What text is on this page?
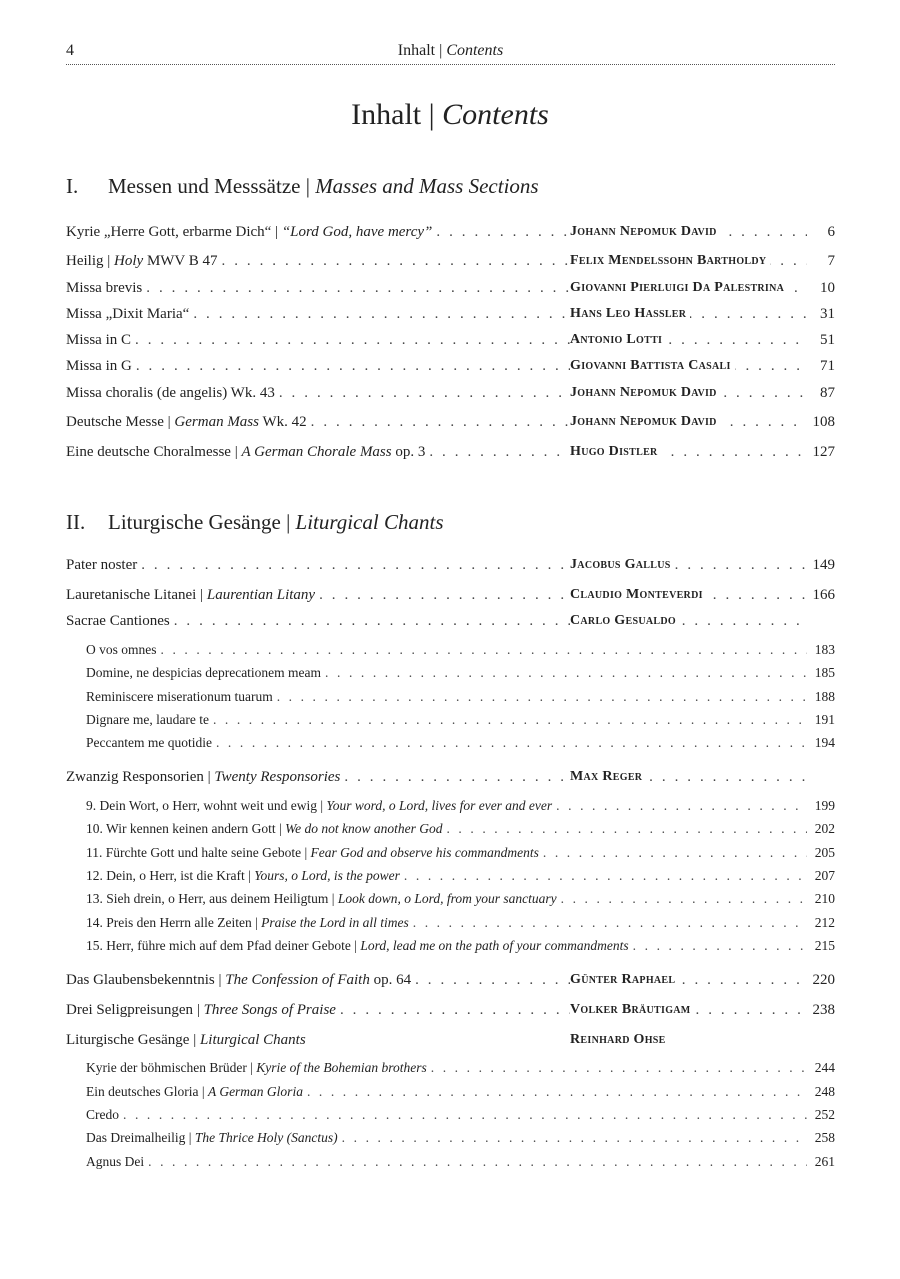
4	Inhalt | Contents
Inhalt | Contents
I. Messen und Messsätze | Masses and Mass Sections
Kyrie „Herre Gott, erbarme Dich“ | “Lord God, have mercy” . . .	Johann Nepomuk David	6
Heilig | Holy MWV B 47 . . .	Felix Mendelssohn Bartholdy	7
Missa brevis . . .	Giovanni Pierluigi Da Palestrina	10
Missa „Dixit Maria“ . . .	Hans Leo Hassler	31
Missa in C . . .	Antonio Lotti	51
Missa in G . . .	Giovanni Battista Casali	71
Missa choralis (de angelis) Wk. 43 . . .	Johann Nepomuk David	87
Deutsche Messe | German Mass Wk. 42 . . .	Johann Nepomuk David	108
Eine deutsche Choralmesse | A German Chorale Mass op. 3 . . .	Hugo Distler	127
II. Liturgische Gesänge | Liturgical Chants
Pater noster . . .	Jacobus Gallus	149
Lauretanische Litanei | Laurentian Litany . . .	Claudio Monteverdi	166
Sacrae Cantiones . . .	Carlo Gesualdo
O vos omnes . . .	183
Domine, ne despicias deprecationem meam . . .	185
Reminiscere miserationum tuarum . . .	188
Dignare me, laudare te . . .	191
Peccantem me quotidie . . .	194
Zwanzig Responsorien | Twenty Responsories . . .	Max Reger
9. Dein Wort, o Herr, wohnt weit und ewig | Your word, o Lord, lives for ever and ever . . .	199
10. Wir kennen keinen andern Gott | We do not know another God . . .	202
11. Fürchte Gott und halte seine Gebote | Fear God and observe his commandments . . .	205
12. Dein, o Herr, ist die Kraft | Yours, o Lord, is the power . . .	207
13. Sieh drein, o Herr, aus deinem Heiligtum | Look down, o Lord, from your sanctuary . . .	210
14. Preis den Herrn alle Zeiten | Praise the Lord in all times . . .	212
15. Herr, führe mich auf dem Pfad deiner Gebote | Lord, lead me on the path of your commandments . . .	215
Das Glaubensbekenntnis | The Confession of Faith op. 64 . . .	Günter Raphael	220
Drei Seligpreisungen | Three Songs of Praise . . .	Volker Bräutigam	238
Liturgische Gesänge | Liturgical Chants	Reinhard Ohse
Kyrie der böhmischen Brüder | Kyrie of the Bohemian brothers . . .	244
Ein deutsches Gloria | A German Gloria . . .	248
Credo . . .	252
Das Dreimalheilig | The Thrice Holy (Sanctus) . . .	258
Agnus Dei . . .	261
